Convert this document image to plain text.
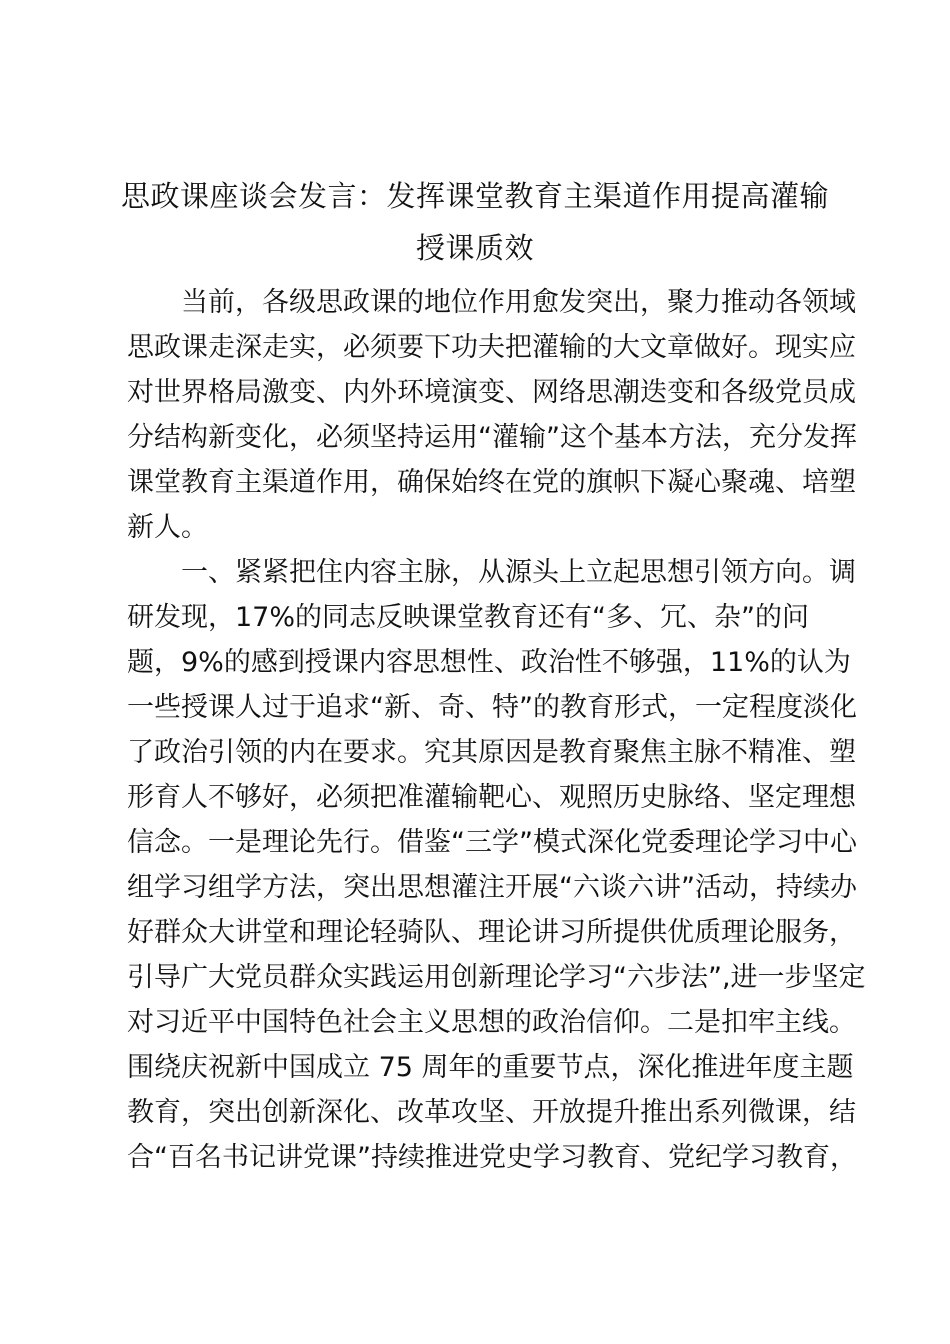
思政课座谈会发言：发挥课堂教育主渠道作用提高灌输
授课质效
当前，各级思政课的地位作用愈发突出，聚力推动各领域
思政课走深走实，必须要下功夫把灌输的大文章做好。现实应
对世界格局激变、内外环境演变、网络思潮迭变和各级党员成
分结构新变化，必须坚持运用“灌输”这个基本方法，充分发挥
课堂教育主渠道作用，确保始终在党的旗帜下凝心聚魂、培塑
新人。
一、紧紧把住内容主脉，从源头上立起思想引领方向。调
研发现，17%的同志反映课堂教育还有“多、冗、杂”的问
题，9%的感到授课内容思想性、政治性不够强，11%的认为
一些授课人过于追求“新、奇、特”的教育形式，一定程度淡化
了政治引领的内在要求。究其原因是教育聚焦主脉不精准、塑
形育人不够好，必须把准灌输靶心、观照历史脉络、坚定理想
信念。一是理论先行。借鉴“三学”模式深化党委理论学习中心
组学习组学方法，突出思想灌注开展“六谈六讲”活动，持续办
好群众大讲堂和理论轻骑队、理论讲习所提供优质理论服务，
引导广大党员群众实践运用创新理论学习“六步法”,进一步坚定
对习近平中国特色社会主义思想的政治信仰。二是扣牢主线。
围绕庆祝新中国成立 75 周年的重要节点，深化推进年度主题
教育，突出创新深化、改革攻坚、开放提升推出系列微课，结
合“百名书记讲党课”持续推进党史学习教育、党纪学习教育，
